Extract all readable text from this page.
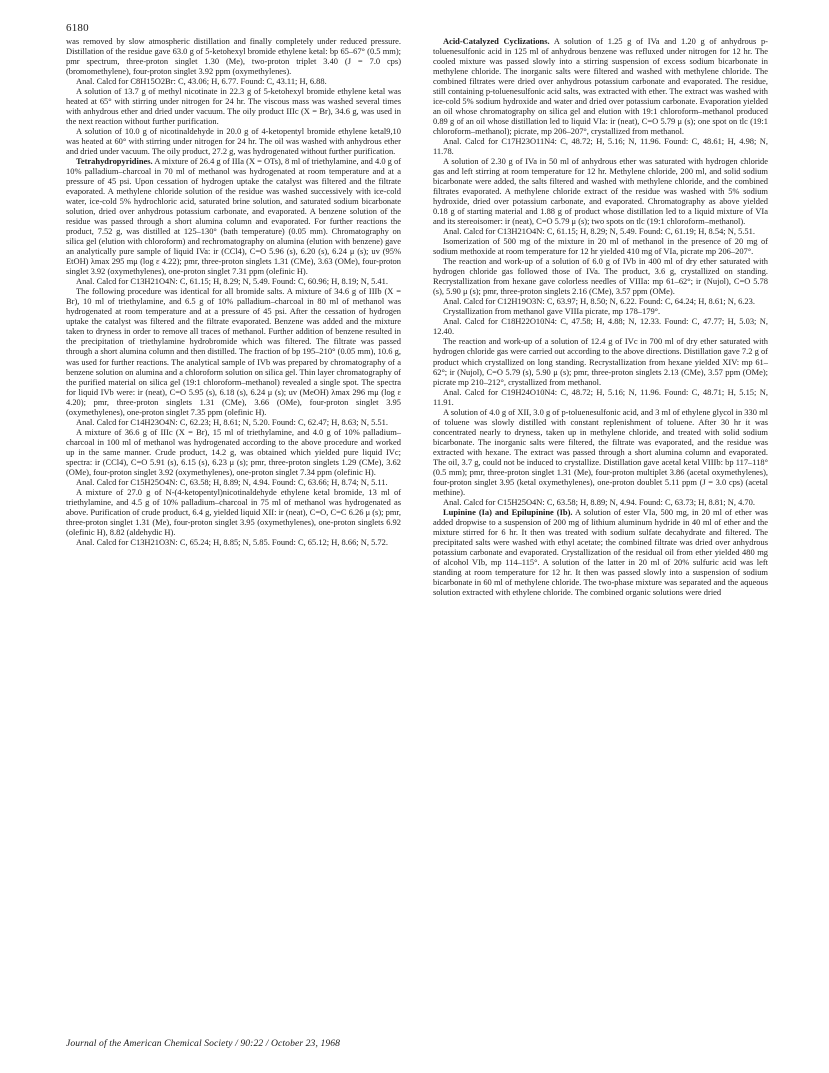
6180

was removed by slow atmospheric distillation and finally completely under reduced pressure. Distillation of the residue gave 63.0 g of 5-ketohexyl bromide ethylene ketal: bp 65–67° (0.5 mm); pmr spectrum, three-proton singlet 1.30 (Me), two-proton triplet 3.40 (J = 7.0 cps) (bromomethylene), four-proton singlet 3.92 ppm (oxymethylenes).

Anal. Calcd for C8H15O2Br: C, 43.06; H, 6.77. Found: C, 43.11; H, 6.88.

A solution of 13.7 g of methyl nicotinate in 22.3 g of 5-ketohexyl bromide ethylene ketal was heated at 65° with stirring under nitrogen for 24 hr. The viscous mass was washed several times with anhydrous ether and dried under vacuum. The oily product IIIc (X = Br), 34.6 g, was used in the next reaction without further purification.

A solution of 10.0 g of nicotinaldehyde in 20.0 g of 4-ketopentyl bromide ethylene ketal9,10 was heated at 60° with stirring under nitrogen for 24 hr. The oil was washed with anhydrous ether and dried under vacuum. The oily product, 27.2 g, was hydrogenated without further purification.

Tetrahydropyridines. A mixture of 26.4 g of IIIa (X = OTs), 8 ml of triethylamine, and 4.0 g of 10% palladium–charcoal in 70 ml of methanol was hydrogenated at room temperature and at a pressure of 45 psi. Upon cessation of hydrogen uptake the catalyst was filtered and the filtrate evaporated. A methylene chloride solution of the residue was washed successively with ice-cold water, ice-cold 5% hydrochloric acid, saturated brine solution, and saturated sodium bicarbonate solution, dried over anhydrous potassium carbonate, and evaporated. A benzene solution of the residue was passed through a short alumina column and evaporated. For further reactions the product, 7.52 g, was distilled at 125–130° (bath temperature) (0.05 mm). Chromatography on silica gel (elution with chloroform) and rechromatography on alumina (elution with benzene) gave an analytically pure sample of liquid IVa: ir (CCl4), C=O 5.96 (s), 6.20 (s), 6.24 μ (s); uv (95% EtOH) λmax 295 mμ (log ε 4.22); pmr, three-proton singlets 1.31 (CMe), 3.63 (OMe), four-proton singlet 3.92 (oxymethylenes), one-proton singlet 7.31 ppm (olefinic H).

Anal. Calcd for C13H21O4N: C, 61.15; H, 8.29; N, 5.49. Found: C, 60.96; H, 8.19; N, 5.41.

The following procedure was identical for all bromide salts. A mixture of 34.6 g of IIIb (X = Br), 10 ml of triethylamine, and 6.5 g of 10% palladium–charcoal in 80 ml of methanol was hydrogenated at room temperature and at a pressure of 45 psi. After the cessation of hydrogen uptake the catalyst was filtered and the filtrate evaporated. Benzene was added and the mixture taken to dryness in order to remove all traces of methanol. Further addition of benzene resulted in the precipitation of triethylamine hydrobromide which was filtered. The filtrate was passed through a short alumina column and then distilled. The fraction of bp 195–210° (0.05 mm), 10.6 g, was used for further reactions. The analytical sample of IVb was prepared by chromatography of a benzene solution on alumina and a chloroform solution on silica gel. Thin layer chromatography of the purified material on silica gel (19:1 chloroform–methanol) revealed a single spot. The spectra for liquid IVb were: ir (neat), C=O 5.95 (s), 6.18 (s), 6.24 μ (s); uv (MeOH) λmax 296 mμ (log ε 4.20); pmr, three-proton singlets 1.31 (CMe), 3.66 (OMe), four-proton singlet 3.95 (oxymethylenes), one-proton singlet 7.35 ppm (olefinic H).

Anal. Calcd for C14H23O4N: C, 62.23; H, 8.61; N, 5.20. Found: C, 62.47; H, 8.63; N, 5.51.

A mixture of 36.6 g of IIIc (X = Br), 15 ml of triethylamine, and 4.0 g of 10% palladium–charcoal in 100 ml of methanol was hydrogenated according to the above procedure and worked up in the same manner. Crude product, 14.2 g, was obtained which yielded pure liquid IVc; spectra: ir (CCl4), C=O 5.91 (s), 6.15 (s), 6.23 μ (s); pmr, three-proton singlets 1.29 (CMe), 3.62 (OMe), four-proton singlet 3.92 (oxymethylenes), one-proton singlet 7.34 ppm (olefinic H).

Anal. Calcd for C15H25O4N: C, 63.58; H, 8.89; N, 4.94. Found: C, 63.66; H, 8.74; N, 5.11.

A mixture of 27.0 g of N-(4-ketopentyl)nicotinaldehyde ethylene ketal bromide, 13 ml of triethylamine, and 4.5 g of 10% palladium–charcoal in 75 ml of methanol was hydrogenated as above. Purification of crude product, 6.4 g, yielded liquid XII: ir (neat), C=O, C=C 6.26 μ (s); pmr, three-proton singlet 1.31 (Me), four-proton singlet 3.95 (oxymethylenes), one-proton singlets 6.92 (olefinic H), 8.82 (aldehydic H).

Anal. Calcd for C13H21O3N: C, 65.24; H, 8.85; N, 5.85. Found: C, 65.12; H, 8.66; N, 5.72.

Acid-Catalyzed Cyclizations. A solution of 1.25 g of IVa and 1.20 g of anhydrous p-toluenesulfonic acid in 125 ml of anhydrous benzene was refluxed under nitrogen for 12 hr. The cooled mixture was passed slowly into a stirring suspension of excess sodium bicarbonate in methylene chloride. The inorganic salts were filtered and washed with methylene chloride. The combined filtrates were dried over anhydrous potassium carbonate and evaporated. The residue, still containing p-toluenesulfonic acid salts, was extracted with ether. The extract was washed with ice-cold 5% sodium hydroxide and water and dried over potassium carbonate. Evaporation yielded an oil whose chromatography on silica gel and elution with 19:1 chloroform–methanol produced 0.89 g of an oil whose distillation led to liquid VIa: ir (neat), C=O 5.79 μ (s); one spot on tlc (19:1 chloroform–methanol); picrate, mp 206–207°, crystallized from methanol.

Anal. Calcd for C17H23O11N4: C, 48.72; H, 5.16; N, 11.96. Found: C, 48.61; H, 4.98; N, 11.78.

A solution of 2.30 g of IVa in 50 ml of anhydrous ether was saturated with hydrogen chloride gas and left stirring at room temperature for 12 hr. Methylene chloride, 200 ml, and solid sodium bicarbonate were added, the salts filtered and washed with methylene chloride, and the combined filtrates evaporated. A methylene chloride extract of the residue was washed with 5% sodium hydroxide, dried over potassium carbonate, and evaporated. Chromatography as above yielded 0.18 g of starting material and 1.88 g of product whose distillation led to a liquid mixture of VIa and its stereoisomer: ir (neat), C=O 5.79 μ (s); two spots on tlc (19:1 chloroform–methanol).

Anal. Calcd for C13H21O4N: C, 61.15; H, 8.29; N, 5.49. Found: C, 61.19; H, 8.54; N, 5.51.

Isomerization of 500 mg of the mixture in 20 ml of methanol in the presence of 20 mg of sodium methoxide at room temperature for 12 hr yielded 410 mg of VIa, picrate mp 206–207°.

The reaction and work-up of a solution of 6.0 g of IVb in 400 ml of dry ether saturated with hydrogen chloride gas followed those of IVa. The product, 3.6 g, crystallized on standing. Recrystallization from hexane gave colorless needles of VIIIa: mp 61–62°; ir (Nujol), C=O 5.78 (s), 5.90 μ (s); pmr, three-proton singlets 2.16 (CMe), 3.57 ppm (OMe).

Anal. Calcd for C12H19O3N: C, 63.97; H, 8.50; N, 6.22. Found: C, 64.24; H, 8.61; N, 6.23.

Crystallization from methanol gave VIIIa picrate, mp 178–179°.

Anal. Calcd for C18H22O10N4: C, 47.58; H, 4.88; N, 12.33. Found: C, 47.77; H, 5.03; N, 12.40.

The reaction and work-up of a solution of 12.4 g of IVc in 700 ml of dry ether saturated with hydrogen chloride gas were carried out according to the above directions. Distillation gave 7.2 g of product which crystallized on long standing. Recrystallization from hexane yielded XIV: mp 61–62°; ir (Nujol), C=O 5.79 (s), 5.90 μ (s); pmr, three-proton singlets 2.13 (CMe), 3.57 ppm (OMe); picrate mp 210–212°, crystallized from methanol.

Anal. Calcd for C19H24O10N4: C, 48.72; H, 5.16; N, 11.96. Found: C, 48.71; H, 5.15; N, 11.91.

A solution of 4.0 g of XII, 3.0 g of p-toluenesulfonic acid, and 3 ml of ethylene glycol in 330 ml of toluene was slowly distilled with constant replenishment of toluene. After 30 hr it was concentrated nearly to dryness, taken up in methylene chloride, and treated with solid sodium bicarbonate. The inorganic salts were filtered, the filtrate was evaporated, and the residue was extracted with hexane. The extract was passed through a short alumina column and evaporated. The oil, 3.7 g, could not be induced to crystallize. Distillation gave acetal ketal VIIIb: bp 117–118° (0.5 mm); pmr, three-proton singlet 1.31 (Me), four-proton multiplet 3.86 (acetal oxymethylenes), four-proton singlet 3.95 (ketal oxymethylenes), one-proton doublet 5.11 ppm (J = 3.0 cps) (acetal methine).

Anal. Calcd for C15H25O4N: C, 63.58; H, 8.89; N, 4.94. Found: C, 63.73; H, 8.81; N, 4.70.

Lupinine (Ia) and Epilupinine (Ib). A solution of ester VIa, 500 mg, in 20 ml of ether was added dropwise to a suspension of 200 mg of lithium aluminum hydride in 40 ml of ether and the mixture stirred for 6 hr. It then was treated with sodium sulfate decahydrate and filtered. The precipitated salts were washed with ethyl acetate; the combined filtrate was dried over anhydrous potassium carbonate and evaporated. Crystallization of the residual oil from ether yielded 480 mg of alcohol VIb, mp 114–115°. A solution of the latter in 20 ml of 20% sulfuric acid was left standing at room temperature for 12 hr. It then was passed slowly into a suspension of sodium bicarbonate in 60 ml of methylene chloride. The two-phase mixture was separated and the aqueous solution extracted with ethylene chloride. The combined organic solutions were dried

Journal of the American Chemical Society / 90:22 / October 23, 1968
